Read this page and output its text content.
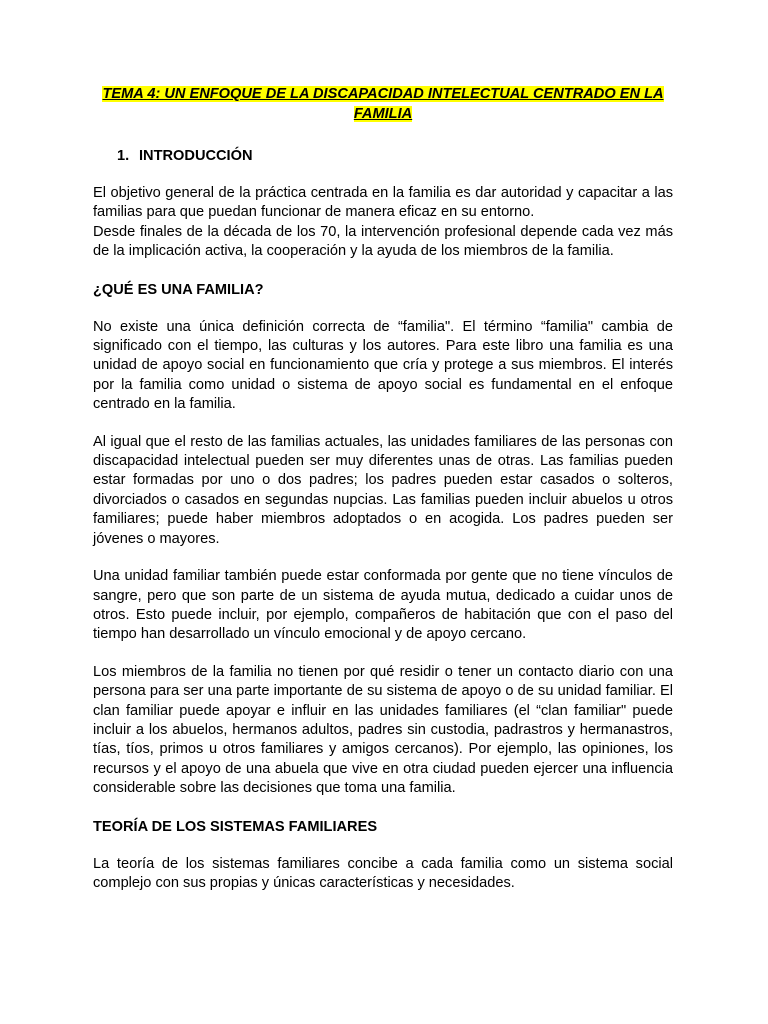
TEMA 4: UN ENFOQUE DE LA DISCAPACIDAD INTELECTUAL CENTRADO EN LA FAMILIA
1. INTRODUCCIÓN

El objetivo general de la práctica centrada en la familia es dar autoridad y capacitar a las familias para que puedan funcionar de manera eficaz en su entorno.

Desde finales de la década de los 70, la intervención profesional depende cada vez más de la implicación activa, la cooperación y la ayuda de los miembros de la familia.

¿QUÉ ES UNA FAMILIA?

No existe una única definición correcta de “familia". El término “familia" cambia de significado con el tiempo, las culturas y los autores. Para este libro una familia es una unidad de apoyo social en funcionamiento que cría y protege a sus miembros. El interés por la familia como unidad o sistema de apoyo social es fundamental en el enfoque centrado en la familia.

Al igual que el resto de las familias actuales, las unidades familiares de las personas con discapacidad intelectual pueden ser muy diferentes unas de otras. Las familias pueden estar formadas por uno o dos padres; los padres pueden estar casados o solteros, divorciados o casados en segundas nupcias. Las familias pueden incluir abuelos u otros familiares; puede haber miembros adoptados o en acogida. Los padres pueden ser jóvenes o mayores.

Una unidad familiar también puede estar conformada por gente que no tiene vínculos de sangre, pero que son parte de un sistema de ayuda mutua, dedicado a cuidar unos de otros. Esto puede incluir, por ejemplo, compañeros de habitación que con el paso del tiempo han desarrollado un vínculo emocional y de apoyo cercano.

Los miembros de la familia no tienen por qué residir o tener un contacto diario con una persona para ser una parte importante de su sistema de apoyo o de su unidad familiar. El clan familiar puede apoyar e influir en las unidades familiares (el “clan familiar" puede incluir a los abuelos, hermanos adultos, padres sin custodia, padrastros y hermanastros, tías, tíos, primos u otros familiares y amigos cercanos). Por ejemplo, las opiniones, los recursos y el apoyo de una abuela que vive en otra ciudad pueden ejercer una influencia considerable sobre las decisiones que toma una familia.

TEORÍA DE LOS SISTEMAS FAMILIARES

La teoría de los sistemas familiares concibe a cada familia como un sistema social complejo con sus propias y únicas características y necesidades.
